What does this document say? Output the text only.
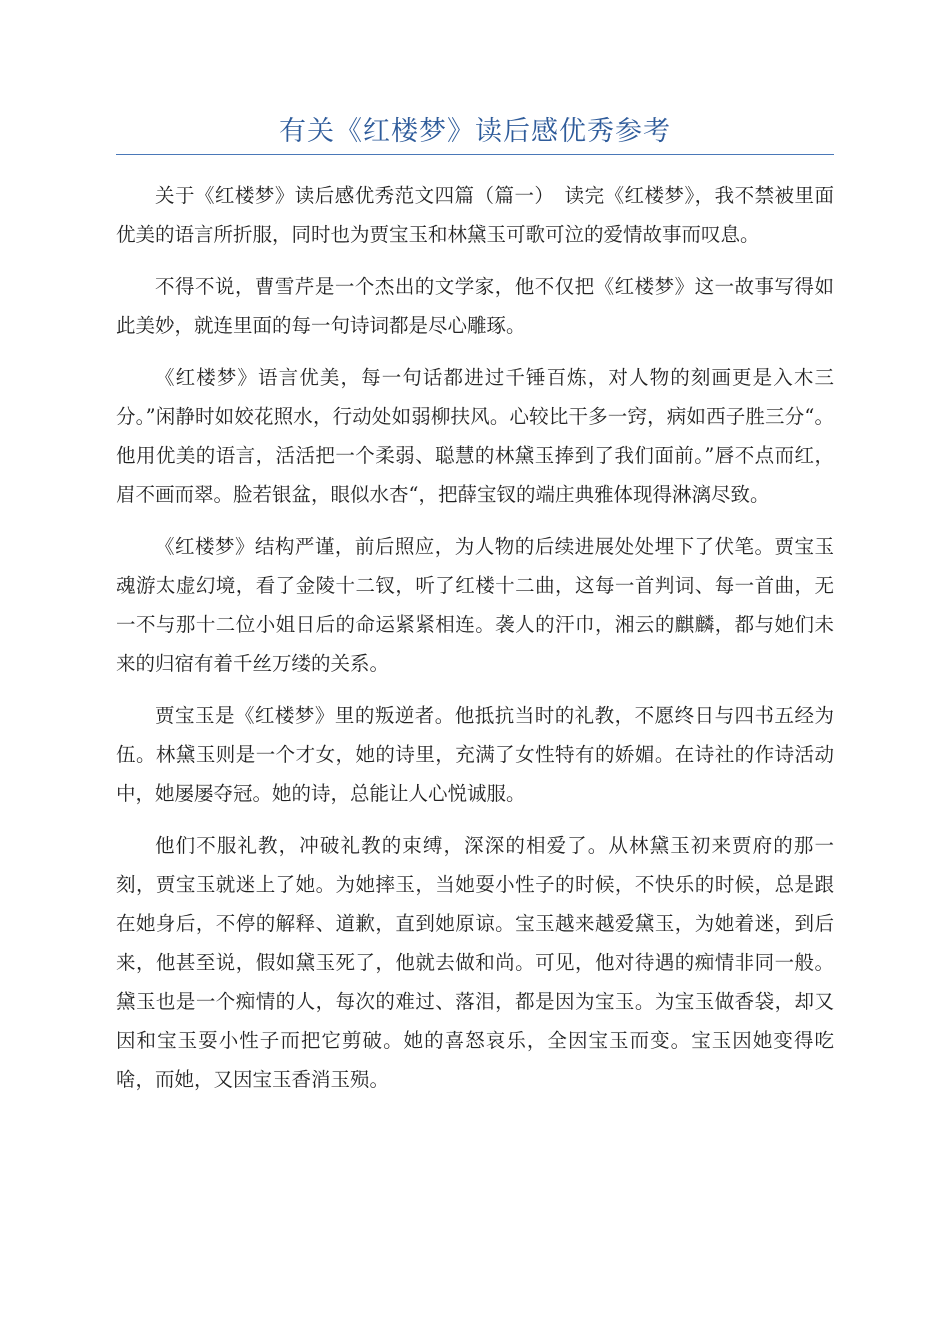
有关《红楼梦》读后感优秀参考

关于《红楼梦》读后感优秀范文四篇（篇一）　读完《红楼梦》，我不禁被里面优美的语言所折服，同时也为贾宝玉和林黛玉可歌可泣的爱情故事而叹息。

不得不说，曹雪芹是一个杰出的文学家，他不仅把《红楼梦》这一故事写得如此美妙，就连里面的每一句诗词都是尽心雕琢。

《红楼梦》语言优美，每一句话都进过千锤百炼，对人物的刻画更是入木三分。”闲静时如姣花照水，行动处如弱柳扶风。心较比干多一窍，病如西子胜三分“。他用优美的语言，活活把一个柔弱、聪慧的林黛玉捧到了我们面前。”唇不点而红，眉不画而翠。脸若银盆，眼似水杏“，把薛宝钗的端庄典雅体现得淋漓尽致。

《红楼梦》结构严谨，前后照应，为人物的后续进展处处埋下了伏笔。贾宝玉魂游太虚幻境，看了金陵十二钗，听了红楼十二曲，这每一首判词、每一首曲，无一不与那十二位小姐日后的命运紧紧相连。袭人的汗巾，湘云的麒麟，都与她们未来的归宿有着千丝万缕的关系。

贾宝玉是《红楼梦》里的叛逆者。他抵抗当时的礼教，不愿终日与四书五经为伍。林黛玉则是一个才女，她的诗里，充满了女性特有的娇媚。在诗社的作诗活动中，她屡屡夺冠。她的诗，总能让人心悦诚服。

他们不服礼教，冲破礼教的束缚，深深的相爱了。从林黛玉初来贾府的那一刻，贾宝玉就迷上了她。为她摔玉，当她耍小性子的时候，不快乐的时候，总是跟在她身后，不停的解释、道歉，直到她原谅。宝玉越来越爱黛玉，为她着迷，到后来，他甚至说，假如黛玉死了，他就去做和尚。可见，他对待遇的痴情非同一般。黛玉也是一个痴情的人，每次的难过、落泪，都是因为宝玉。为宝玉做香袋，却又因和宝玉耍小性子而把它剪破。她的喜怒哀乐，全因宝玉而变。宝玉因她变得吃啥，而她，又因宝玉香消玉殒。
